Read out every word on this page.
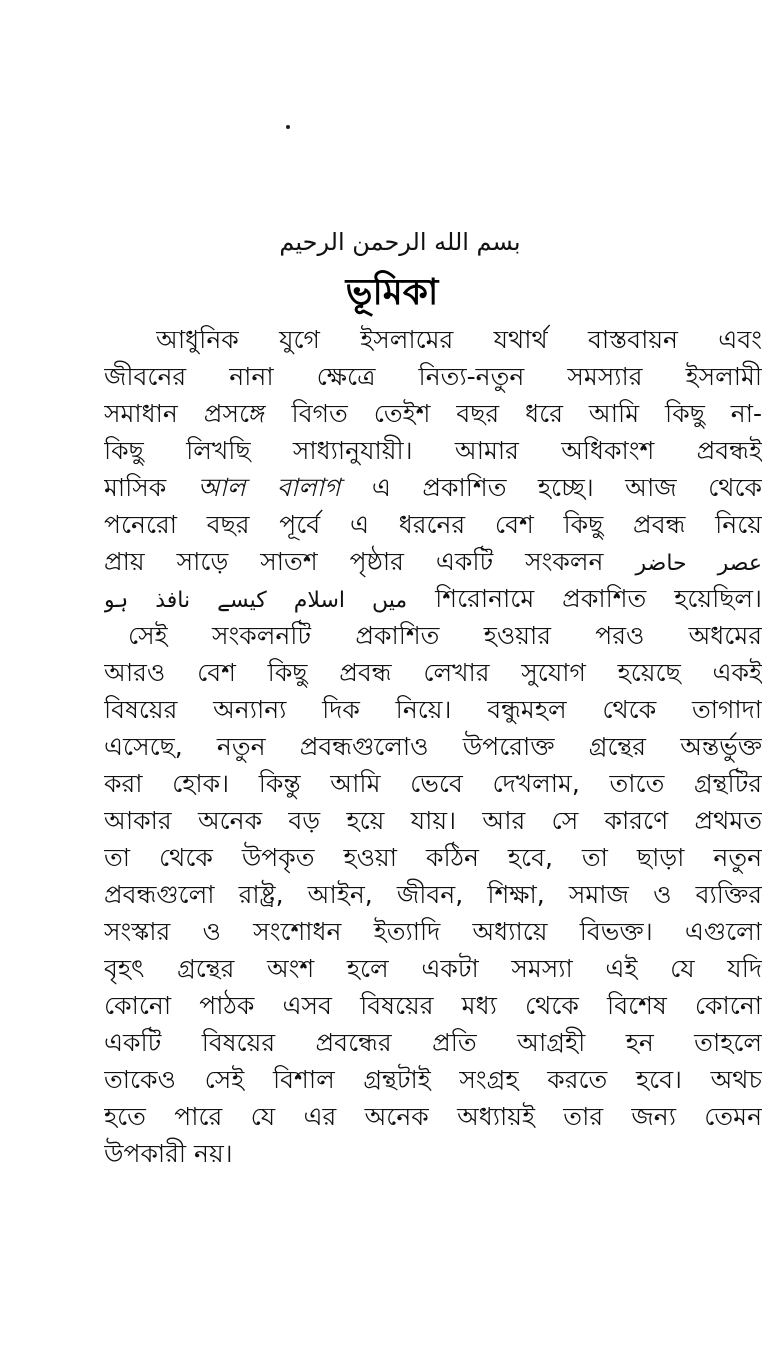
بسم الله الرحمن الرحيم
ভূমিকা
আধুনিক যুগে ইসলামের যথার্থ বাস্তবায়ন এবং
জীবনের নানা ক্ষেত্রে নিত্য-নতুন সমস্যার ইসলামী
সমাধান প্রসঙ্গে বিগত তেইশ বছর ধরে আমি কিছু না-
কিছু লিখছি সাধ্যানুযায়ী। আমার অধিকাংশ প্রবন্ধই
মাসিক আল বালাগ এ প্রকাশিত হচ্ছে। আজ থেকে
পনেরো বছর পূর্বে এ ধরনের বেশ কিছু প্রবন্ধ নিয়ে
প্রায় সাড়ে সাতশ পৃষ্ঠার একটি সংকলন عصر حاضر
میں اسلام کیسے نافذ ہو শিরোনামে প্রকাশিত হয়েছিল।
সেই সংকলনটি প্রকাশিত হওয়ার পরও অধমের
আরও বেশ কিছু প্রবন্ধ লেখার সুযোগ হয়েছে একই
বিষয়ের অন্যান্য দিক নিয়ে। বন্ধুমহল থেকে তাগাদা
এসেছে, নতুন প্রবন্ধগুলোও উপরোক্ত গ্রন্থের অন্তর্ভুক্ত
করা হোক। কিন্তু আমি ভেবে দেখলাম, তাতে গ্রন্থটির
আকার অনেক বড় হয়ে যায়। আর সে কারণে প্রথমত
তা থেকে উপকৃত হওয়া কঠিন হবে, তা ছাড়া নতুন
প্রবন্ধগুলো রাষ্ট্র, আইন, জীবন, শিক্ষা, সমাজ ও ব্যক্তির
সংস্কার ও সংশোধন ইত্যাদি অধ্যায়ে বিভক্ত। এগুলো
বৃহৎ গ্রন্থের অংশ হলে একটা সমস্যা এই যে যদি
কোনো পাঠক এসব বিষয়ের মধ্য থেকে বিশেষ কোনো
একটি বিষয়ের প্রবন্ধের প্রতি আগ্রহী হন তাহলে
তাকেও সেই বিশাল গ্রন্থটাই সংগ্রহ করতে হবে। অথচ
হতে পারে যে এর অনেক অধ্যায়ই তার জন্য তেমন
উপকারী নয়।
